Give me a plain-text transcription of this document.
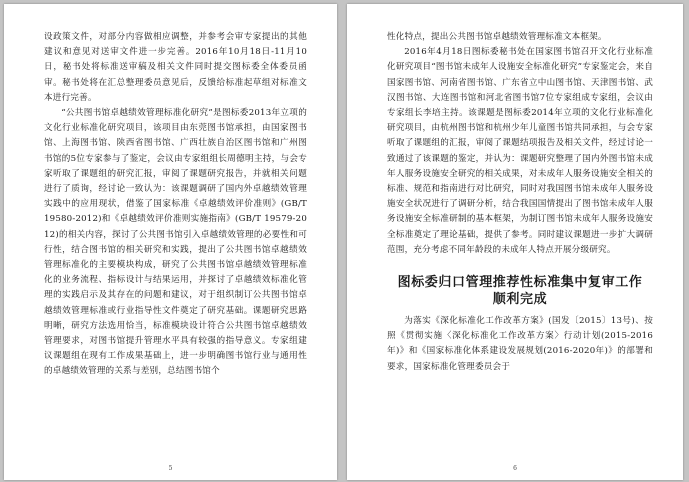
设政策文件，对部分内容做相应调整，并参考会审专家提出的其他建议和意见对送审文件进一步完善。2016年10月18日-11月10日，秘书处将标准送审稿及相关文件同时提交图标委全体委员函审。秘书处将在汇总整理委员意见后，反馈给标准起草组对标准文本进行完善。

“公共图书馆卓越绩效管理标准化研究”是图标委2013年立项的文化行业标准化研究项目，该项目由东莞图书馆承担，由国家图书馆、上海图书馆、陕西省图书馆、广西壮族自治区图书馆和广州图书馆的5位专家参与了鉴定，会议由专家组组长周德明主持，与会专家听取了课题组的研究汇报，审阅了课题研究报告，并就相关问题进行了质询，经讨论一致认为：该课题调研了国内外卓越绩效管理实践中的应用现状，借鉴了国家标准《卓越绩效评价准则》(GB/T 19580-2012)和《卓越绩效评价准则实施指南》(GB/T 19579-2012)的相关内容，探讨了公共图书馆引入卓越绩效管理的必要性和可行性，结合图书馆的相关研究和实践，提出了公共图书馆卓越绩效管理标准化的主要模块构成，研究了公共图书馆卓越绩效管理标准化的业务流程、指标设计与结果运用，并探讨了卓越绩效标准化管理的实践启示及其存在的问题和建议，对于组织制订公共图书馆卓越绩效管理标准或行业指导性文件奠定了研究基础。课题研究思路明晰，研究方法选用恰当，标准模块设计符合公共图书馆卓越绩效管理要求，对图书馆提升管理水平具有较强的指导意义。专家组建议课题组在现有工作成果基础上，进一步明确图书馆行业与通用性的卓越绩效管理的关系与差别，总结图书馆个

5

性化特点，提出公共图书馆卓越绩效管理标准文本框架。

2016年4月18日图标委秘书处在国家图书馆召开文化行业标准化研究项目“图书馆未成年人设施安全标准化研究”专家鉴定会，来自国家图书馆、河南省图书馆、广东省立中山图书馆、天津图书馆、武汉图书馆、大连图书馆和河北省图书馆7位专家组成专家组，会议由专家组长李培主持。该课题是图标委2014年立项的文化行业标准化研究项目，由杭州图书馆和杭州少年儿童图书馆共同承担，与会专家听取了课题组的汇报，审阅了课题结项报告及相关文件，经过讨论一致通过了该课题的鉴定，并认为：课题研究整理了国内外图书馆未成年人服务设施安全研究的相关成果，对未成年人服务设施安全相关的标准、规范和指南进行对比研究，同时对我国图书馆未成年人服务设施安全状况进行了调研分析，结合我国国情提出了图书馆未成年人服务设施安全标准研制的基本框架，为制订图书馆未成年人服务设施安全标准奠定了理论基础，提供了参考。同时建议课题进一步扩大调研范围，充分考虑不同年龄段的未成年人特点开展分级研究。

图标委归口管理推荐性标准集中复审工作
顺利完成

为落实《深化标准化工作改革方案》(国发〔2015〕13号)、按照《贯彻实施〈深化标准化工作改革方案〉行动计划(2015-2016年)》和《国家标准化体系建设发展规划(2016-2020年)》的部署和要求，国家标准化管理委员会于

6
